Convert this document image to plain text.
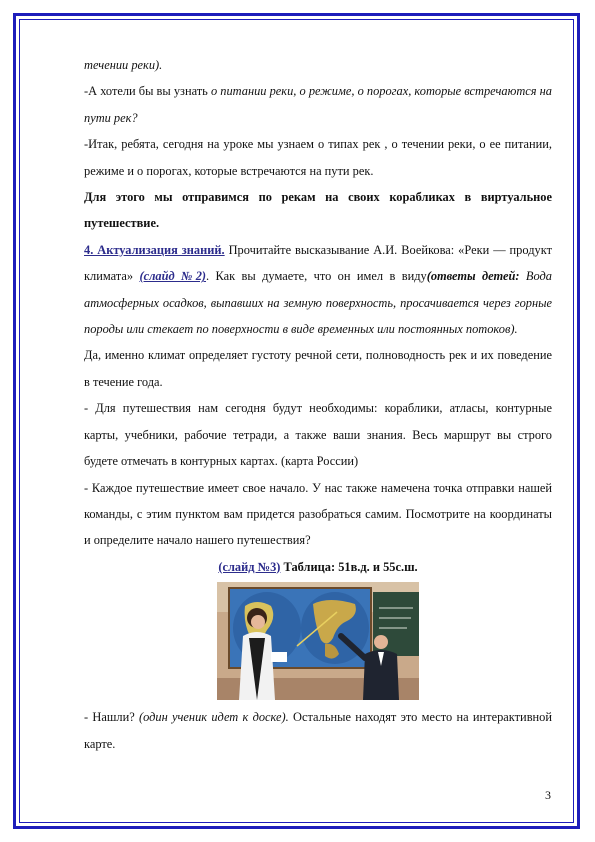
течении реки).

-А хотели бы вы узнать о питании реки, о режиме, о порогах, которые встречаются на пути рек?

-Итак, ребята, сегодня на уроке мы узнаем о типах рек , о течении реки, о ее питании, режиме и о порогах, которые встречаются на пути рек.

Для этого мы отправимся по рекам на своих корабликах в виртуальное путешествие.

4. Актуализация знаний. Прочитайте высказывание А.И. Воейкова: «Реки — продукт климата» (слайд №2). Как вы думаете, что он имел в виду(ответы детей: Вода атмосферных осадков, выпавших на земную поверхность, просачивается через горные породы или стекает по поверхности в виде временных или постоянных потоков).

Да, именно климат определяет густоту речной сети, полноводность рек и их поведение в течение года.

- Для путешествия нам сегодня будут необходимы: кораблики, атласы, контурные карты, учебники, рабочие тетради, а также ваши знания. Весь маршрут вы строго будете отмечать в контурных картах. (карта России)

- Каждое путешествие имеет свое начало. У нас также намечена точка отправки нашей команды, с этим пунктом вам придется разобраться самим. Посмотрите на координаты и определите начало нашего путешествия?

(слайд №3) Таблица: 51в.д. и 55с.ш.

- Нашли? (один ученик идет к доске). Остальные находят это место на интерактивной карте.

3
